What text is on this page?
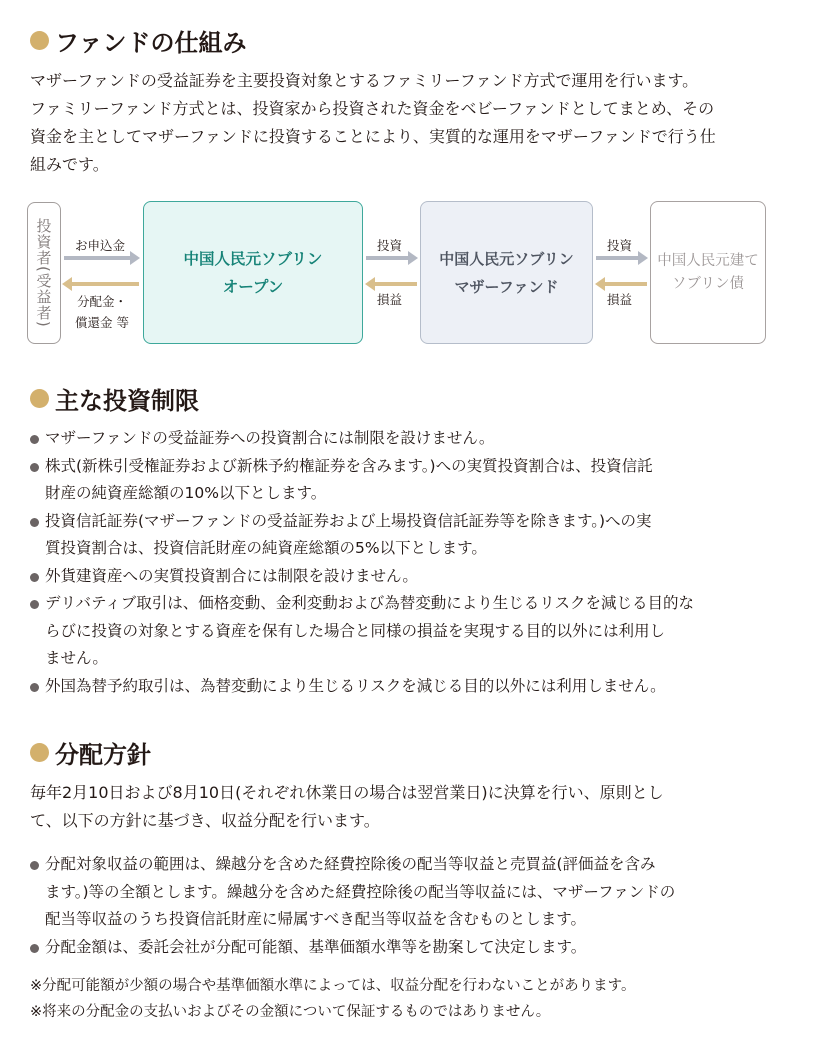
ファンドの仕組み
マザーファンドの受益証券を主要投資対象とするファミリーファンド方式で運用を行います。
ファミリーファンド方式とは、投資家から投資された資金をベビーファンドとしてまとめ、その
資金を主としてマザーファンドに投資することにより、実質的な運用をマザーファンドで行う仕
組みです。
投資者(受益者) お申込金
分配金・
償還金 等
中国人民元ソブリン
オープン
投資
損益
中国人民元ソブリン
マザーファンド
投資
損益
中国人民元建て
ソブリン債
主な投資制限
マザーファンドの受益証券への投資割合には制限を設けません。
株式(新株引受権証券および新株予約権証券を含みます。)への実質投資割合は、投資信託
財産の純資産総額の10%以下とします。
投資信託証券(マザーファンドの受益証券および上場投資信託証券等を除きます。)への実
質投資割合は、投資信託財産の純資産総額の5%以下とします。
外貨建資産への実質投資割合には制限を設けません。
デリバティブ取引は、価格変動、金利変動および為替変動により生じるリスクを減じる目的な
らびに投資の対象とする資産を保有した場合と同様の損益を実現する目的以外には利用し
ません。
外国為替予約取引は、為替変動により生じるリスクを減じる目的以外には利用しません。
分配方針
毎年2月10日および8月10日(それぞれ休業日の場合は翌営業日)に決算を行い、原則とし
て、以下の方針に基づき、収益分配を行います。
分配対象収益の範囲は、繰越分を含めた経費控除後の配当等収益と売買益(評価益を含み
ます。)等の全額とします。繰越分を含めた経費控除後の配当等収益には、マザーファンドの
配当等収益のうち投資信託財産に帰属すべき配当等収益を含むものとします。
分配金額は、委託会社が分配可能額、基準価額水準等を勘案して決定します。
※分配可能額が少額の場合や基準価額水準によっては、収益分配を行わないことがあります。
※将来の分配金の支払いおよびその金額について保証するものではありません。
